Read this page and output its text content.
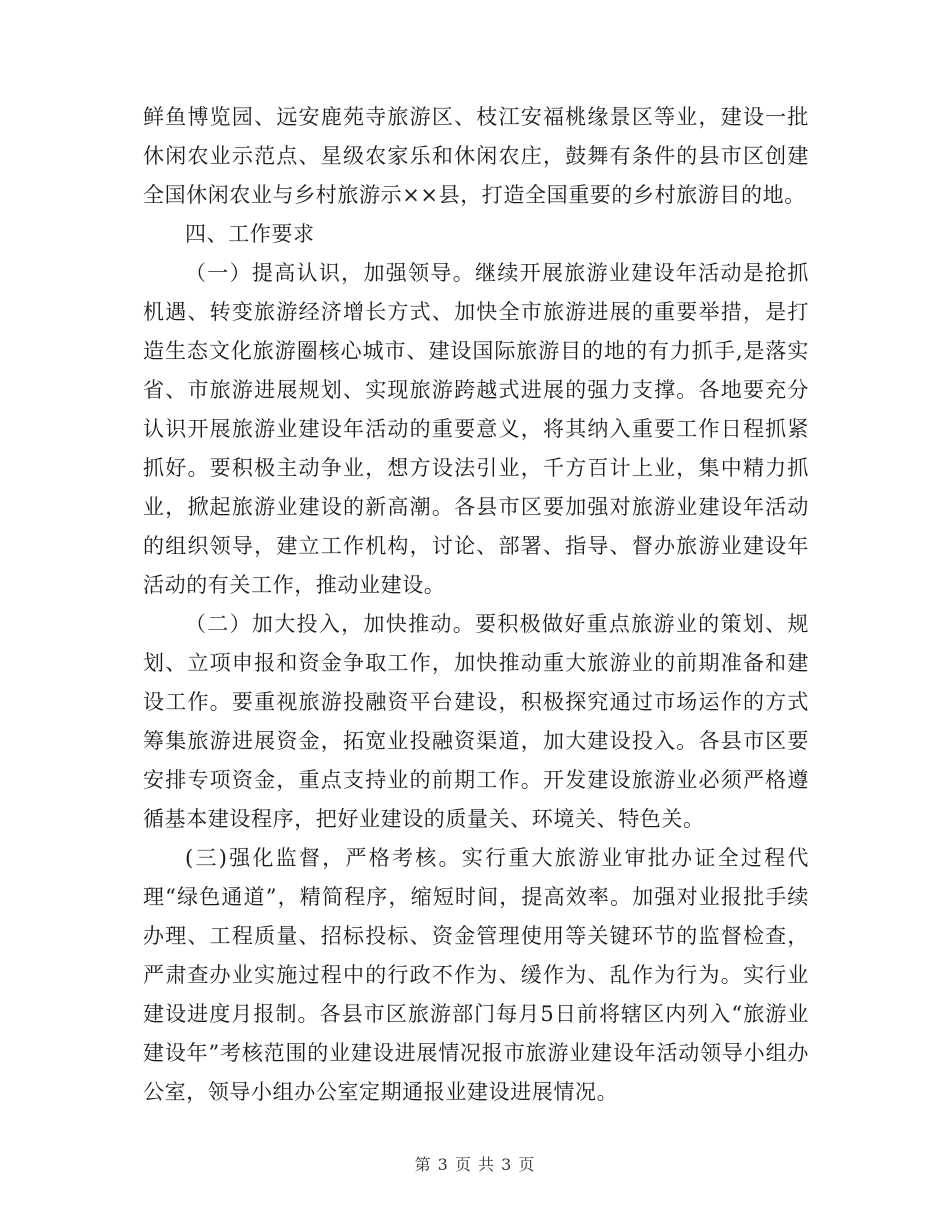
鲜鱼博览园、远安鹿苑寺旅游区、枝江安福桃缘景区等业，建设一批休闲农业示范点、星级农家乐和休闲农庄，鼓舞有条件的县市区创建全国休闲农业与乡村旅游示××县，打造全国重要的乡村旅游目的地。

四、工作要求

（一）提高认识，加强领导。继续开展旅游业建设年活动是抢抓机遇、转变旅游经济增长方式、加快全市旅游进展的重要举措，是打造生态文化旅游圈核心城市、建设国际旅游目的地的有力抓手,是落实省、市旅游进展规划、实现旅游跨越式进展的强力支撑。各地要充分认识开展旅游业建设年活动的重要意义，将其纳入重要工作日程抓紧抓好。要积极主动争业，想方设法引业，千方百计上业，集中精力抓业，掀起旅游业建设的新高潮。各县市区要加强对旅游业建设年活动的组织领导，建立工作机构，讨论、部署、指导、督办旅游业建设年活动的有关工作，推动业建设。

（二）加大投入，加快推动。要积极做好重点旅游业的策划、规划、立项申报和资金争取工作，加快推动重大旅游业的前期准备和建设工作。要重视旅游投融资平台建设，积极探究通过市场运作的方式筹集旅游进展资金，拓宽业投融资渠道，加大建设投入。各县市区要安排专项资金，重点支持业的前期工作。开发建设旅游业必须严格遵循基本建设程序，把好业建设的质量关、环境关、特色关。

(三)强化监督，严格考核。实行重大旅游业审批办证全过程代理“绿色通道”，精简程序，缩短时间，提高效率。加强对业报批手续办理、工程质量、招标投标、资金管理使用等关键环节的监督检查，严肃查办业实施过程中的行政不作为、缓作为、乱作为行为。实行业建设进度月报制。各县市区旅游部门每月5日前将辖区内列入“旅游业建设年”考核范围的业建设进展情况报市旅游业建设年活动领导小组办公室，领导小组办公室定期通报业建设进展情况。

第 3 页 共 3 页
